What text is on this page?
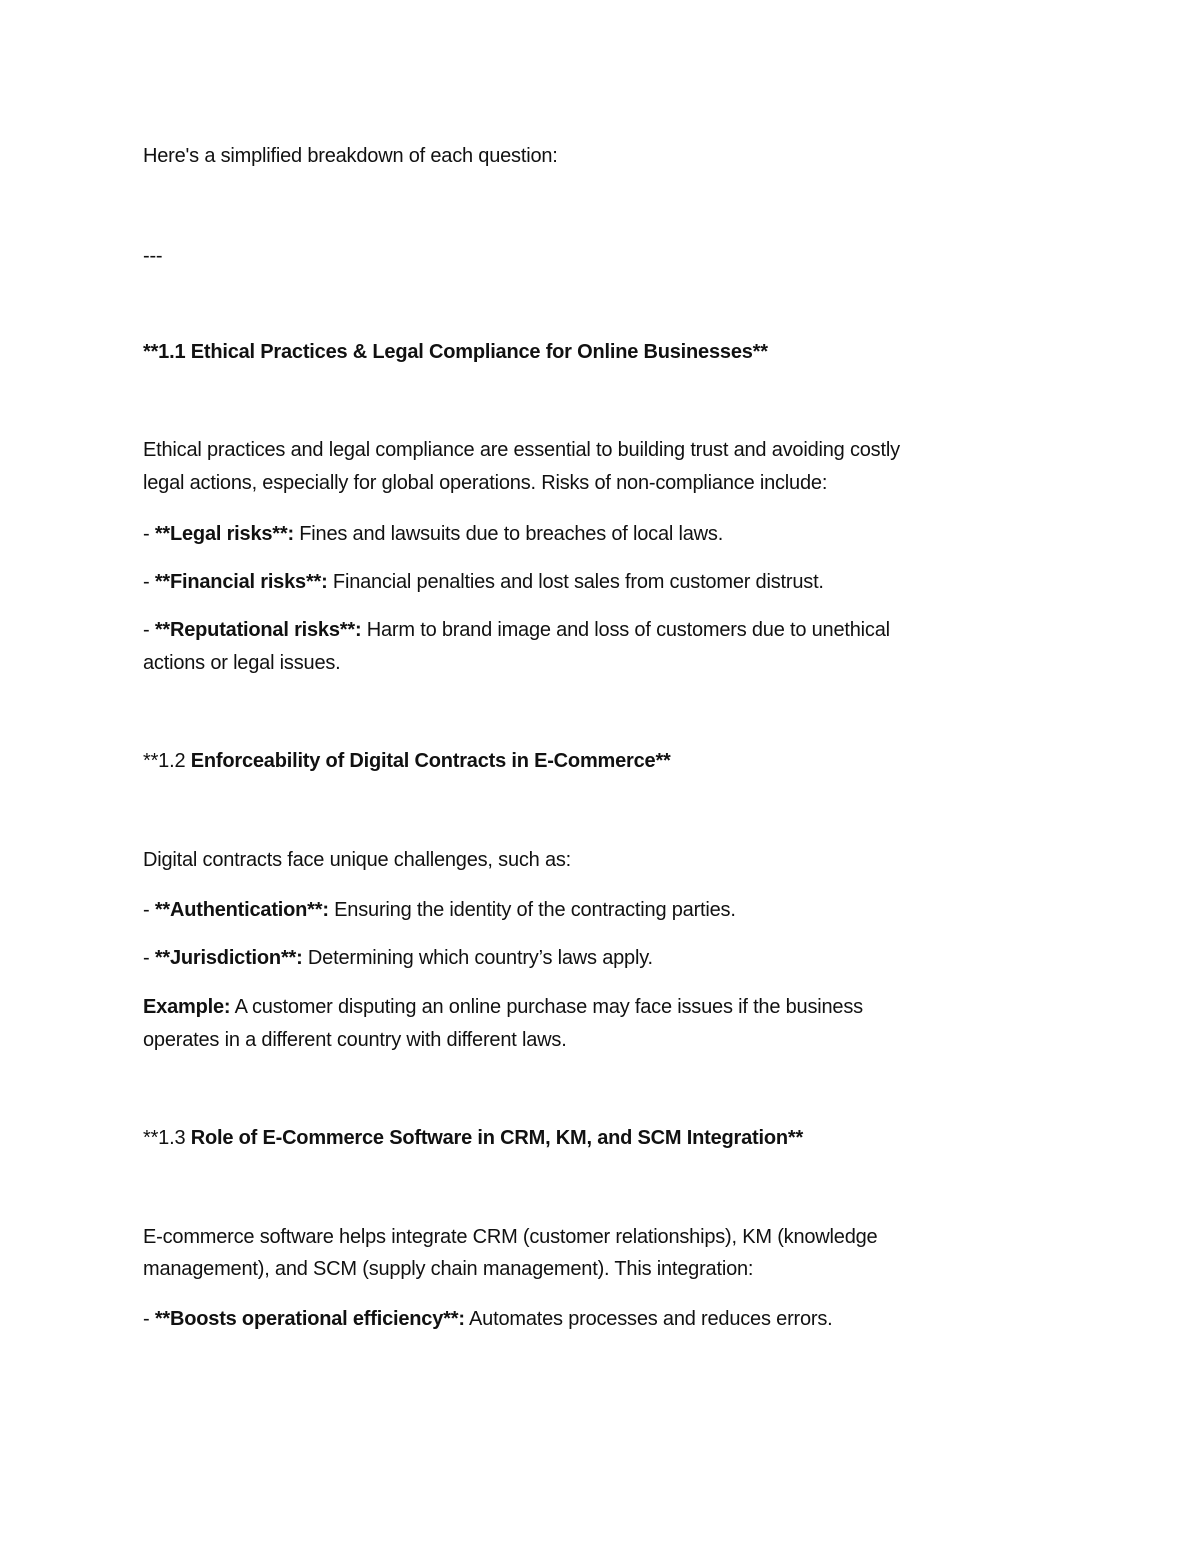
Here's a simplified breakdown of each question:
---
**1.1 Ethical Practices & Legal Compliance for Online Businesses**
Ethical practices and legal compliance are essential to building trust and avoiding costly
legal actions, especially for global operations. Risks of non-compliance include:
- **Legal risks**: Fines and lawsuits due to breaches of local laws.
- **Financial risks**: Financial penalties and lost sales from customer distrust.
- **Reputational risks**: Harm to brand image and loss of customers due to unethical
actions or legal issues.
**1.2 Enforceability of Digital Contracts in E-Commerce**
Digital contracts face unique challenges, such as:
- **Authentication**: Ensuring the identity of the contracting parties.
- **Jurisdiction**: Determining which country’s laws apply.
Example: A customer disputing an online purchase may face issues if the business
operates in a different country with different laws.
**1.3 Role of E-Commerce Software in CRM, KM, and SCM Integration**
E-commerce software helps integrate CRM (customer relationships), KM (knowledge
management), and SCM (supply chain management). This integration:
- **Boosts operational efficiency**: Automates processes and reduces errors.
